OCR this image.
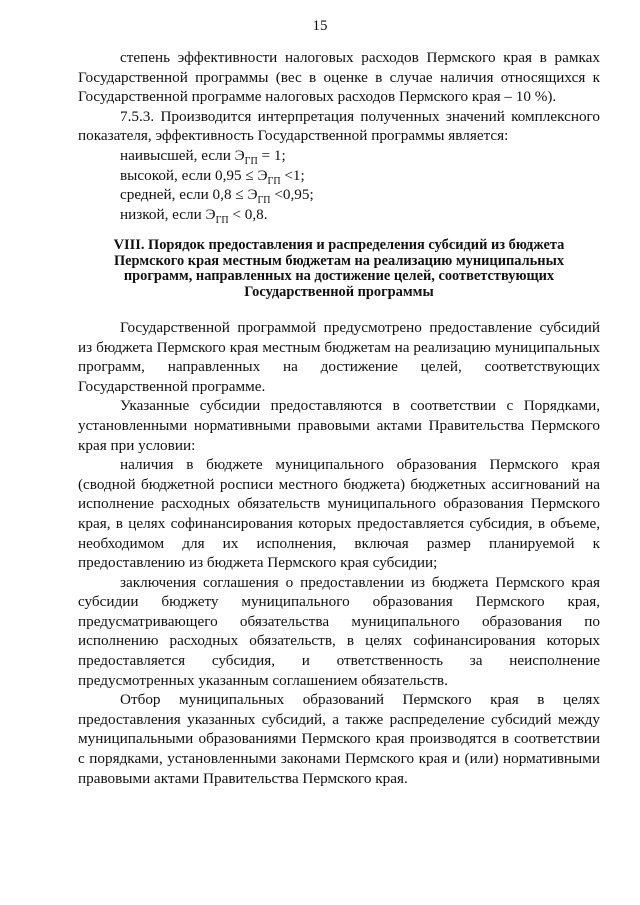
15

степень эффективности налоговых расходов Пермского края в рамках Государственной программы (вес в оценке в случае наличия относящихся к Государственной программе налоговых расходов Пермского края – 10 %).

7.5.3. Производится интерпретация полученных значений комплексного показателя, эффективность Государственной программы является:

наивысшей, если $Э_{ГП} = 1$;
высокой, если $0,95 \le Э_{ГП} <1$;
средней, если $0,8 \le Э_{ГП} <0,95$;
низкой, если $Э_{ГП} < 0,8$.
VIII. Порядок предоставления и распределения субсидий из бюджета
Пермского края местным бюджетам на реализацию муниципальных
программ, направленных на достижение целей, соответствующих
Государственной программы

Государственной программой предусмотрено предоставление субсидий из бюджета Пермского края местным бюджетам на реализацию муниципальных программ, направленных на достижение целей, соответствующих Государственной программе.

Указанные субсидии предоставляются в соответствии с Порядками, установленными нормативными правовыми актами Правительства Пермского края при условии:

наличия в бюджете муниципального образования Пермского края (сводной бюджетной росписи местного бюджета) бюджетных ассигнований на исполнение расходных обязательств муниципального образования Пермского края, в целях софинансирования которых предоставляется субсидия, в объеме, необходимом для их исполнения, включая размер планируемой к предоставлению из бюджета Пермского края субсидии;

заключения соглашения о предоставлении из бюджета Пермского края субсидии бюджету муниципального образования Пермского края, предусматривающего обязательства муниципального образования по исполнению расходных обязательств, в целях софинансирования которых предоставляется субсидия, и ответственность за неисполнение предусмотренных указанным соглашением обязательств.

Отбор муниципальных образований Пермского края в целях предоставления указанных субсидий, а также распределение субсидий между муниципальными образованиями Пермского края производятся в соответствии с порядками, установленными законами Пермского края и (или) нормативными правовыми актами Правительства Пермского края.
